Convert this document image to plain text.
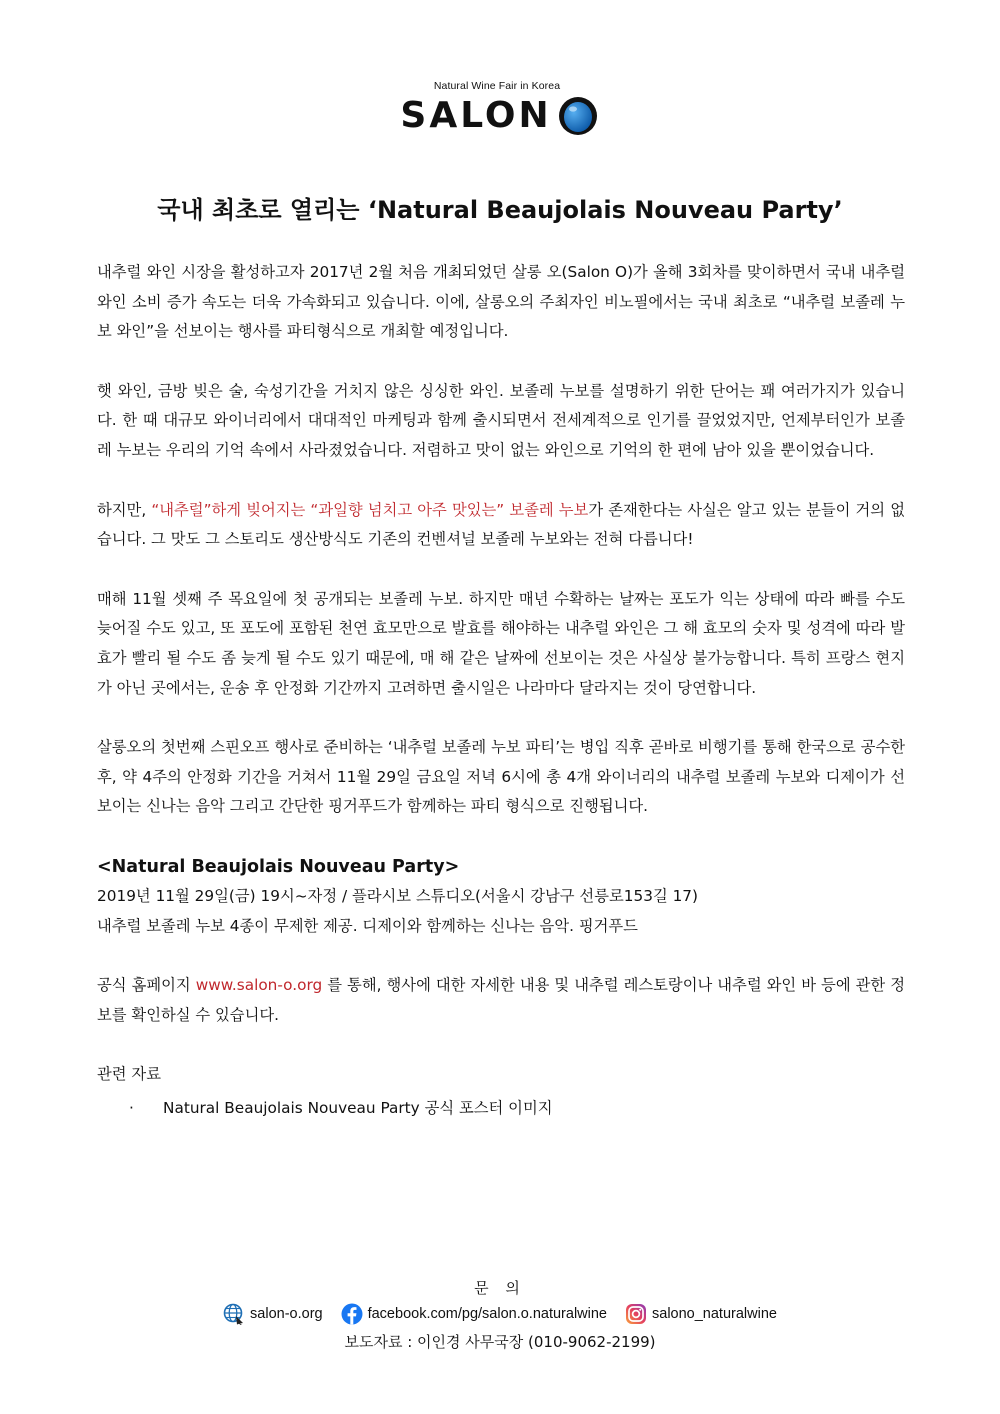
Natural Wine Fair in Korea
SALON
국내 최초로 열리는 ‘Natural Beaujolais Nouveau Party’

내추럴 와인 시장을 활성하고자 2017년 2월 처음 개최되었던 살롱 오(Salon O)가 올해 3회차를 맞이하면서 국내 내추럴 와인 소비 증가 속도는 더욱 가속화되고 있습니다. 이에, 살롱오의 주최자인 비노필에서는 국내 최초로 “내추럴 보졸레 누보 와인”을 선보이는 행사를 파티형식으로 개최할 예정입니다.

햇 와인, 금방 빚은 술, 숙성기간을 거치지 않은 싱싱한 와인. 보졸레 누보를 설명하기 위한 단어는 꽤 여러가지가 있습니다. 한 때 대규모 와이너리에서 대대적인 마케팅과 함께 출시되면서 전세계적으로 인기를 끌었었지만, 언제부터인가 보졸레 누보는 우리의 기억 속에서 사라졌었습니다. 저렴하고 맛이 없는 와인으로 기억의 한 편에 남아 있을 뿐이었습니다.

하지만, “내추럴”하게 빚어지는 “과일향 넘치고 아주 맛있는” 보졸레 누보가 존재한다는 사실은 알고 있는 분들이 거의 없습니다. 그 맛도 그 스토리도 생산방식도 기존의 컨벤셔널 보졸레 누보와는 전혀 다릅니다!

매해 11월 셋째 주 목요일에 첫 공개되는 보졸레 누보. 하지만 매년 수확하는 날짜는 포도가 익는 상태에 따라 빠를 수도 늦어질 수도 있고, 또 포도에 포함된 천연 효모만으로 발효를 해야하는 내추럴 와인은 그 해 효모의 숫자 및 성격에 따라 발효가 빨리 될 수도 좀 늦게 될 수도 있기 때문에, 매 해 같은 날짜에 선보이는 것은 사실상 불가능합니다. 특히 프랑스 현지가 아닌 곳에서는, 운송 후 안정화 기간까지 고려하면 출시일은 나라마다 달라지는 것이 당연합니다.

살롱오의 첫번째 스핀오프 행사로 준비하는 ‘내추럴 보졸레 누보 파티’는 병입 직후 곧바로 비행기를 통해 한국으로 공수한 후, 약 4주의 안정화 기간을 거쳐서 11월 29일 금요일 저녁 6시에 총 4개 와이너리의 내추럴 보졸레 누보와 디제이가 선보이는 신나는 음악 그리고 간단한 핑거푸드가 함께하는 파티 형식으로 진행됩니다.

<Natural Beaujolais Nouveau Party>
2019년 11월 29일(금) 19시~자정 / 플라시보 스튜디오(서울시 강남구 선릉로153길 17)
내추럴 보졸레 누보 4종이 무제한 제공. 디제이와 함께하는 신나는 음악. 핑거푸드

공식 홈페이지 www.salon-o.org 를 통해, 행사에 대한 자세한 내용 및 내추럴 레스토랑이나 내추럴 와인 바 등에 관한 정보를 확인하실 수 있습니다.

관련 자료
·	Natural Beaujolais Nouveau Party 공식 포스터 이미지
문 의
salon-o.org	facebook.com/pg/salon.o.naturalwine	salono_naturalwine
보도자료 : 이인경 사무국장 (010-9062-2199)
